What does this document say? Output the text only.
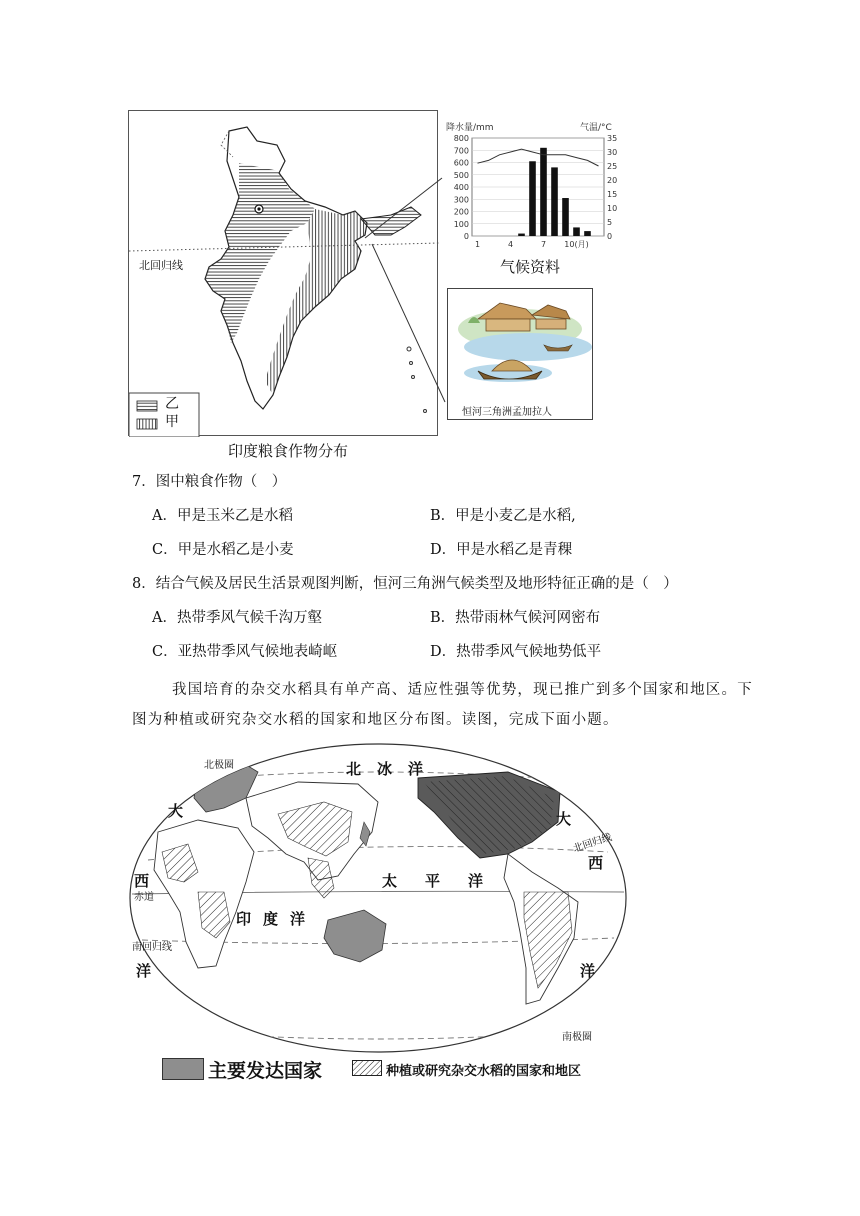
乙
甲
北回归线
印度粮食作物分布
降水量/mm	气温/°C
0
100
200
300
400
500
600
700
800
0
5
10
15
20
25
30
35
1	4	7 10(月)
气候资料
恒河三角洲孟加拉人
7．图中粮食作物（　）
A．甲是玉米乙是水稻	B．甲是小麦乙是水稻,
C．甲是水稻乙是小麦	D．甲是水稻乙是青稞
8．结合气候及居民生活景观图判断，恒河三角洲气候类型及地形特征正确的是（　）
A．热带季风气候千沟万壑	B．热带雨林气候河网密布
C．亚热带季风气候地表崎岖	D．热带季风气候地势低平
我国培育的杂交水稻具有单产高、适应性强等优势，现已推广到多个国家和地区。下
图为种植或研究杂交水稻的国家和地区分布图。读图，完成下面小题。
北冰洋
北极圈
太平洋
印度洋
大
西
洋
大
西
洋
赤道
北回归线
南回归线
南极圈
主要发达国家	种植或研究杂交水稻的国家和地区
